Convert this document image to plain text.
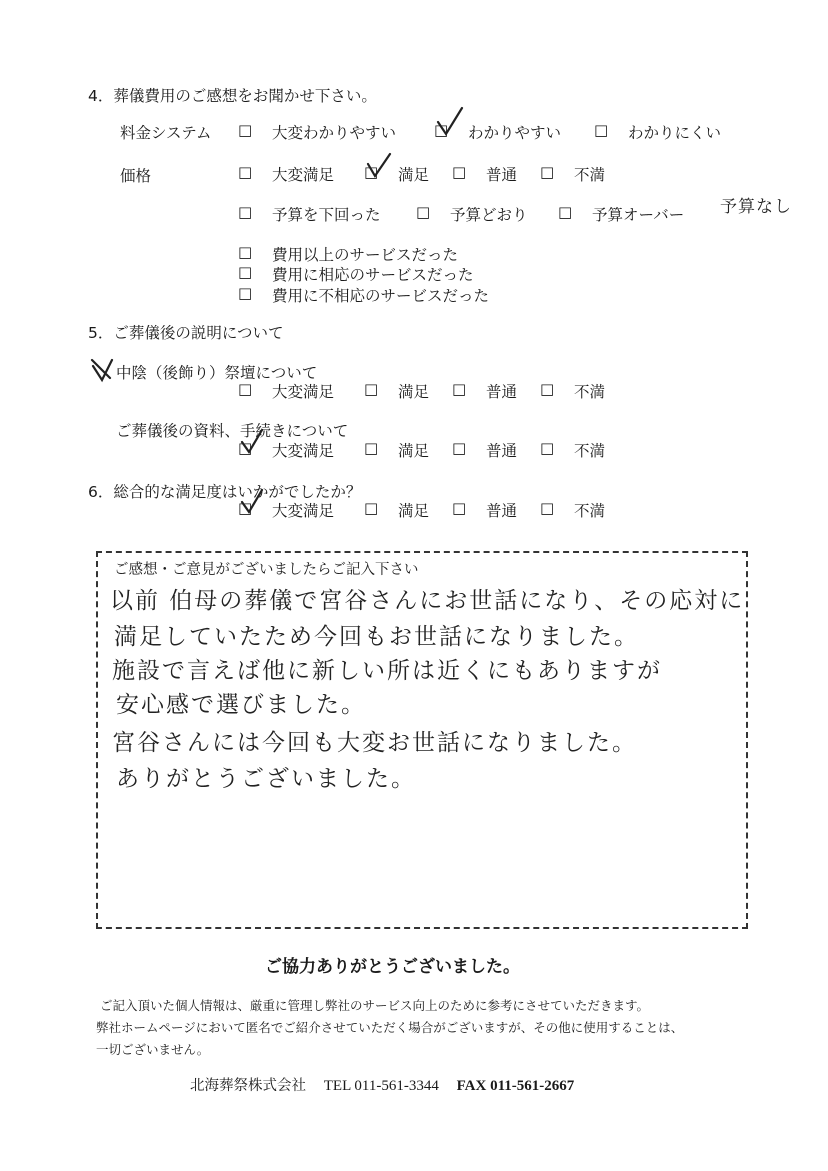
4．葬儀費用のご感想をお聞かせ下さい。
料金システム □ 大変わかりやすい	□ わかりやすい □ わかりにくい
価格	□ 大変満足 □ 満足 □ 普通 □ 不満
□ 予算を下回った □ 予算どおり □ 予算オーバー 予算なし
□ 費用以上のサービスだった
□ 費用に相応のサービスだった
□ 費用に不相応のサービスだった
5．ご葬儀後の説明について
中陰（後飾り）祭壇について
□ 大変満足 □ 満足 □ 普通 □ 不満
ご葬儀後の資料、手続きについて
□ 大変満足 □ 満足 □ 普通 □ 不満
6．総合的な満足度はいかがでしたか？
□ 大変満足 □ 満足 □ 普通 □ 不満
ご感想・ご意見がございましたらご記入下さい
以前 伯母の葬儀で宮谷さんにお世話になり、その応対に
満足していたため今回もお世話になりました。
施設で言えば他に新しい所は近くにもありますが
安心感で選びました。
宮谷さんには今回も大変お世話になりました。
ありがとうございました。
ご協力ありがとうございました。
ご記入頂いた個人情報は、厳重に管理し弊社のサービス向上のために参考にさせていただきます。
弊社ホームページにおいて匿名でご紹介させていただく場合がございますが、その他に使用することは、
一切ございません。
北海葬祭株式会社 TEL 011-561-3344 FAX 011-561-2667
